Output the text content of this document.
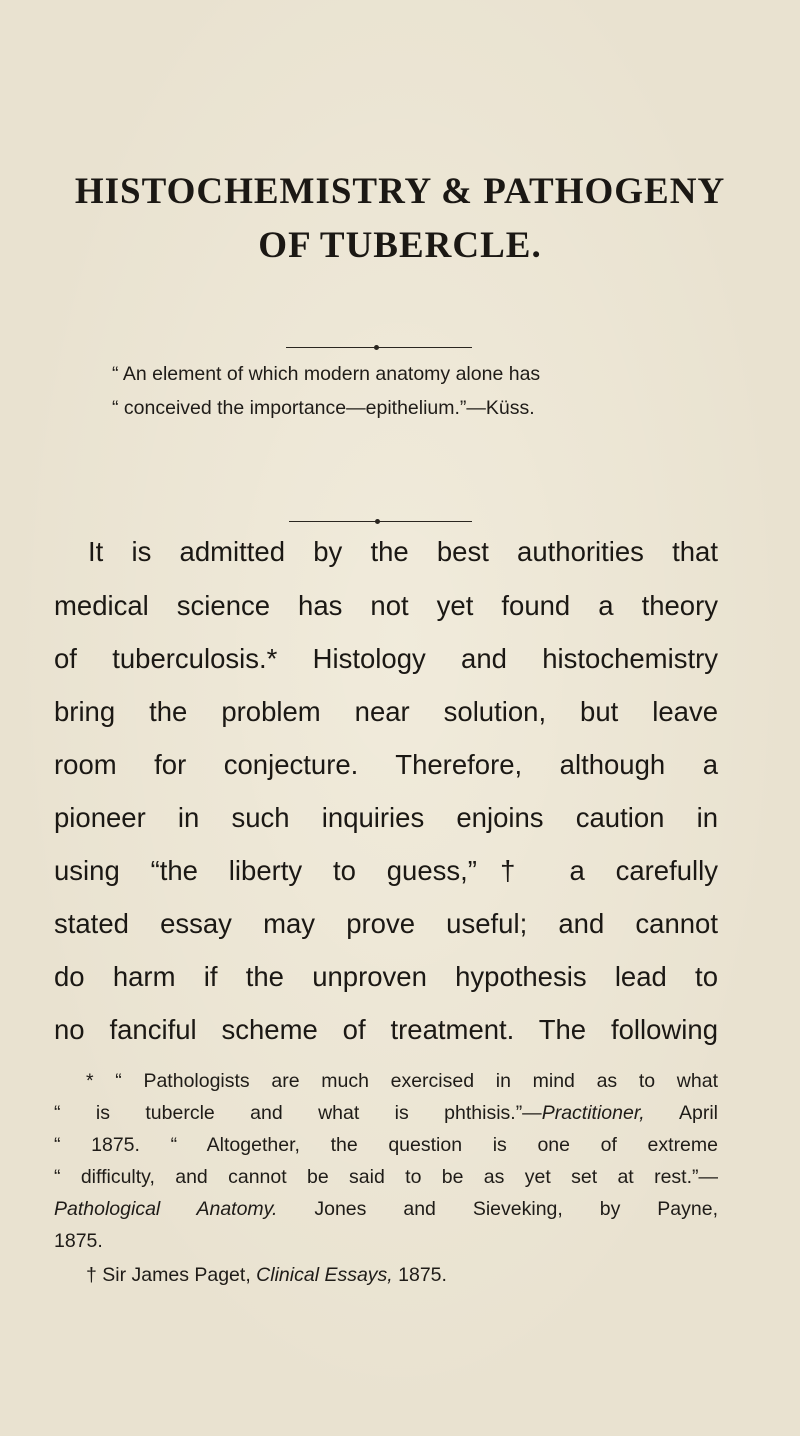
HISTOCHEMISTRY & PATHOGENY
OF TUBERCLE.
“ An element of which modern anatomy alone has
“ conceived the importance—epithelium.”—Küss.
It is admitted by the best authorities that
medical science has not yet found a theory
of tuberculosis.* Histology and histochemistry
bring the problem near solution, but leave
room for conjecture. Therefore, although a
pioneer in such inquiries enjoins caution in
using “the liberty to guess,”† a carefully
stated essay may prove useful; and cannot
do harm if the unproven hypothesis lead to
no fanciful scheme of treatment. The following
* “ Pathologists are much exercised in mind as to what
“ is tubercle and what is phthisis.”—Practitioner, April
“ 1875. “ Altogether, the question is one of extreme
“ difficulty, and cannot be said to be as yet set at rest.”—
Pathological Anatomy. Jones and Sieveking, by Payne,
1875.
† Sir James Paget, Clinical Essays, 1875.
